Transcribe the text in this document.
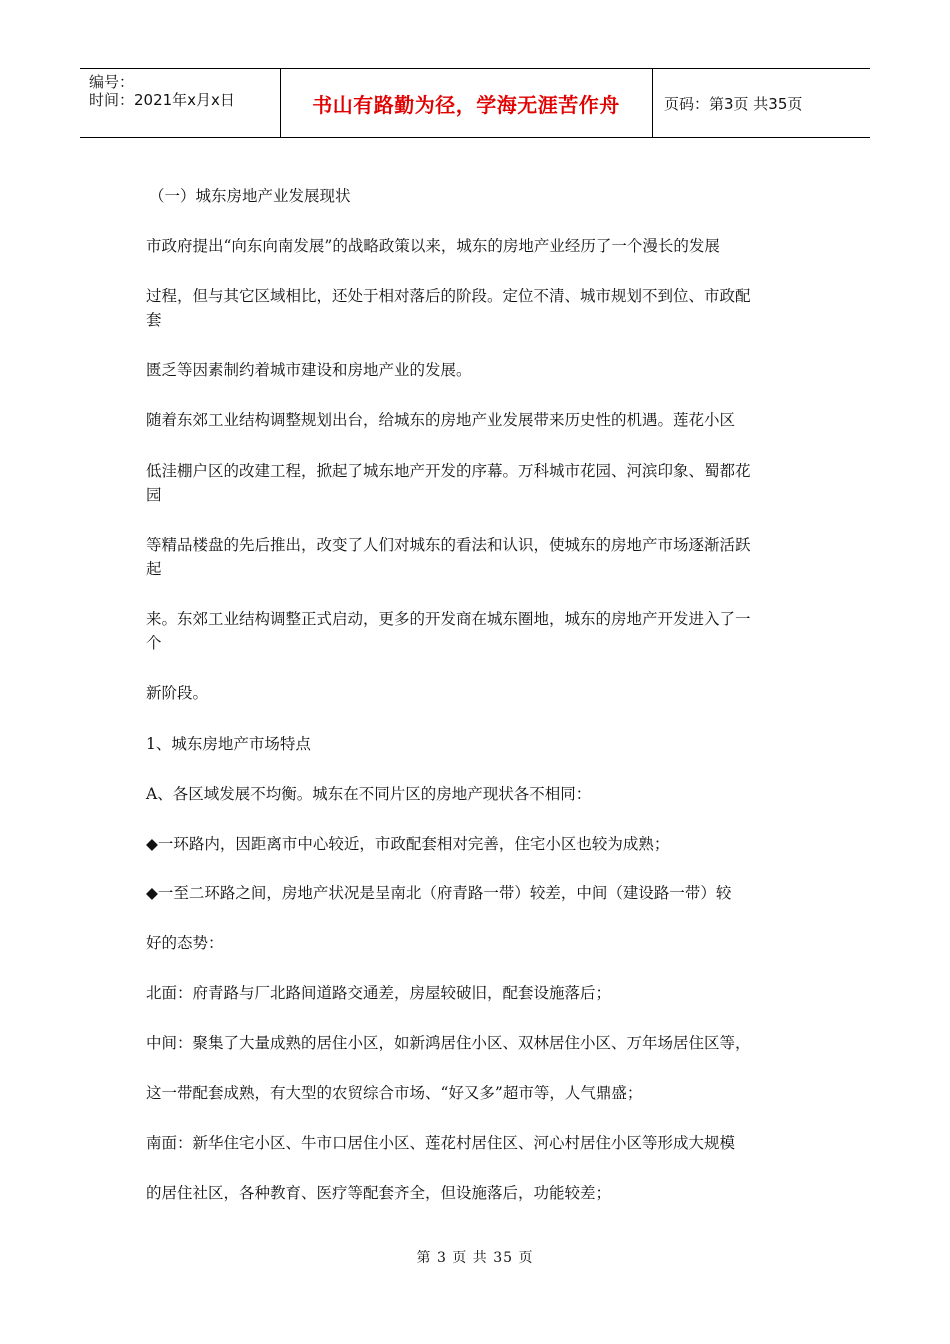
编号：
时间：2021年x月x日	书山有路勤为径，学海无涯苦作舟	页码：第3页 共35页
（一）城东房地产业发展现状
市政府提出“向东向南发展”的战略政策以来，城东的房地产业经历了一个漫长的发展
过程，但与其它区域相比，还处于相对落后的阶段。定位不清、城市规划不到位、市政配
套
匮乏等因素制约着城市建设和房地产业的发展。
随着东郊工业结构调整规划出台，给城东的房地产业发展带来历史性的机遇。莲花小区
低洼棚户区的改建工程，掀起了城东地产开发的序幕。万科城市花园、河滨印象、蜀都花
园
等精品楼盘的先后推出，改变了人们对城东的看法和认识，使城东的房地产市场逐渐活跃
起
来。东郊工业结构调整正式启动，更多的开发商在城东圈地，城东的房地产开发进入了一
个
新阶段。
1、城东房地产市场特点
A、各区域发展不均衡。城东在不同片区的房地产现状各不相同：
◆一环路内，因距离市中心较近，市政配套相对完善，住宅小区也较为成熟；
◆一至二环路之间，房地产状况是呈南北（府青路一带）较差，中间（建设路一带）较
好的态势：
北面：府青路与厂北路间道路交通差，房屋较破旧，配套设施落后；
中间：聚集了大量成熟的居住小区，如新鸿居住小区、双林居住小区、万年场居住区等，
这一带配套成熟，有大型的农贸综合市场、“好又多”超市等，人气鼎盛；
南面：新华住宅小区、牛市口居住小区、莲花村居住区、河心村居住小区等形成大规模
的居住社区，各种教育、医疗等配套齐全，但设施落后，功能较差；
第 3 页 共 35 页
